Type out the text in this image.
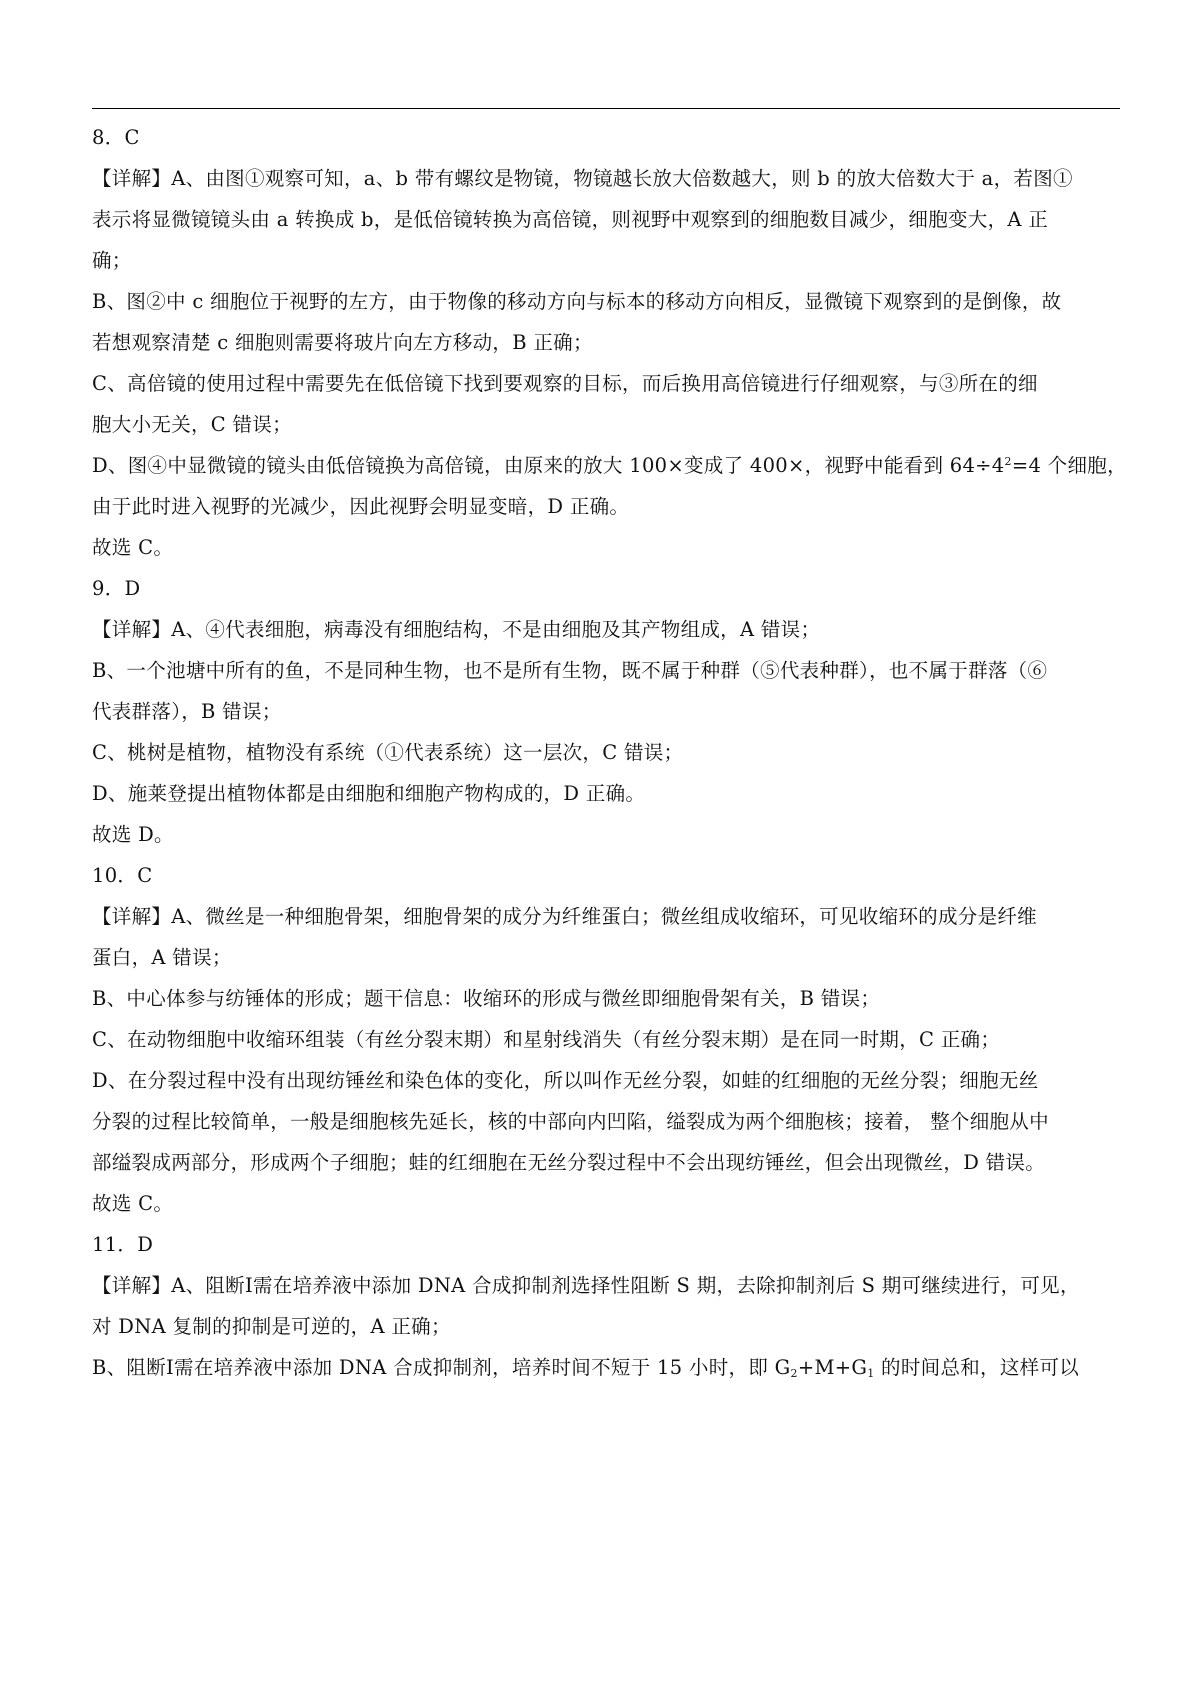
8．C
【详解】A、由图①观察可知，a、b 带有螺纹是物镜，物镜越长放大倍数越大，则 b 的放大倍数大于 a，若图①
表示将显微镜镜头由 a 转换成 b，是低倍镜转换为高倍镜，则视野中观察到的细胞数目减少，细胞变大，A 正
确；
B、图②中 c 细胞位于视野的左方，由于物像的移动方向与标本的移动方向相反，显微镜下观察到的是倒像，故
若想观察清楚 c 细胞则需要将玻片向左方移动，B 正确；
C、高倍镜的使用过程中需要先在低倍镜下找到要观察的目标，而后换用高倍镜进行仔细观察，与③所在的细
胞大小无关，C 错误；
D、图④中显微镜的镜头由低倍镜换为高倍镜，由原来的放大 100×变成了 400×，视野中能看到 $64\div 4^2=4$ 个细胞，
由于此时进入视野的光减少，因此视野会明显变暗，D 正确。
故选 C。
9．D
【详解】A、④代表细胞，病毒没有细胞结构，不是由细胞及其产物组成，A 错误；
B、一个池塘中所有的鱼，不是同种生物，也不是所有生物，既不属于种群（⑤代表种群），也不属于群落（⑥
代表群落），B 错误；
C、桃树是植物，植物没有系统（①代表系统）这一层次，C 错误；
D、施莱登提出植物体都是由细胞和细胞产物构成的，D 正确。
故选 D。
10．C
【详解】A、微丝是一种细胞骨架，细胞骨架的成分为纤维蛋白；微丝组成收缩环，可见收缩环的成分是纤维
蛋白，A 错误；
B、中心体参与纺锤体的形成；题干信息：收缩环的形成与微丝即细胞骨架有关，B 错误；
C、在动物细胞中收缩环组装（有丝分裂末期）和星射线消失（有丝分裂末期）是在同一时期，C 正确；
D、在分裂过程中没有出现纺锤丝和染色体的变化，所以叫作无丝分裂，如蛙的红细胞的无丝分裂；细胞无丝
分裂的过程比较简单，一般是细胞核先延长，核的中部向内凹陷，缢裂成为两个细胞核；接着， 整个细胞从中
部缢裂成两部分，形成两个子细胞；蛙的红细胞在无丝分裂过程中不会出现纺锤丝，但会出现微丝，D 错误。
故选 C。
11．D
【详解】A、阻断Ⅰ需在培养液中添加 DNA 合成抑制剂选择性阻断 S 期，去除抑制剂后 S 期可继续进行，可见，
对 DNA 复制的抑制是可逆的，A 正确；
B、阻断Ⅰ需在培养液中添加 DNA 合成抑制剂，培养时间不短于 15 小时，即 $G_2+M+G_1$ 的时间总和，这样可以
